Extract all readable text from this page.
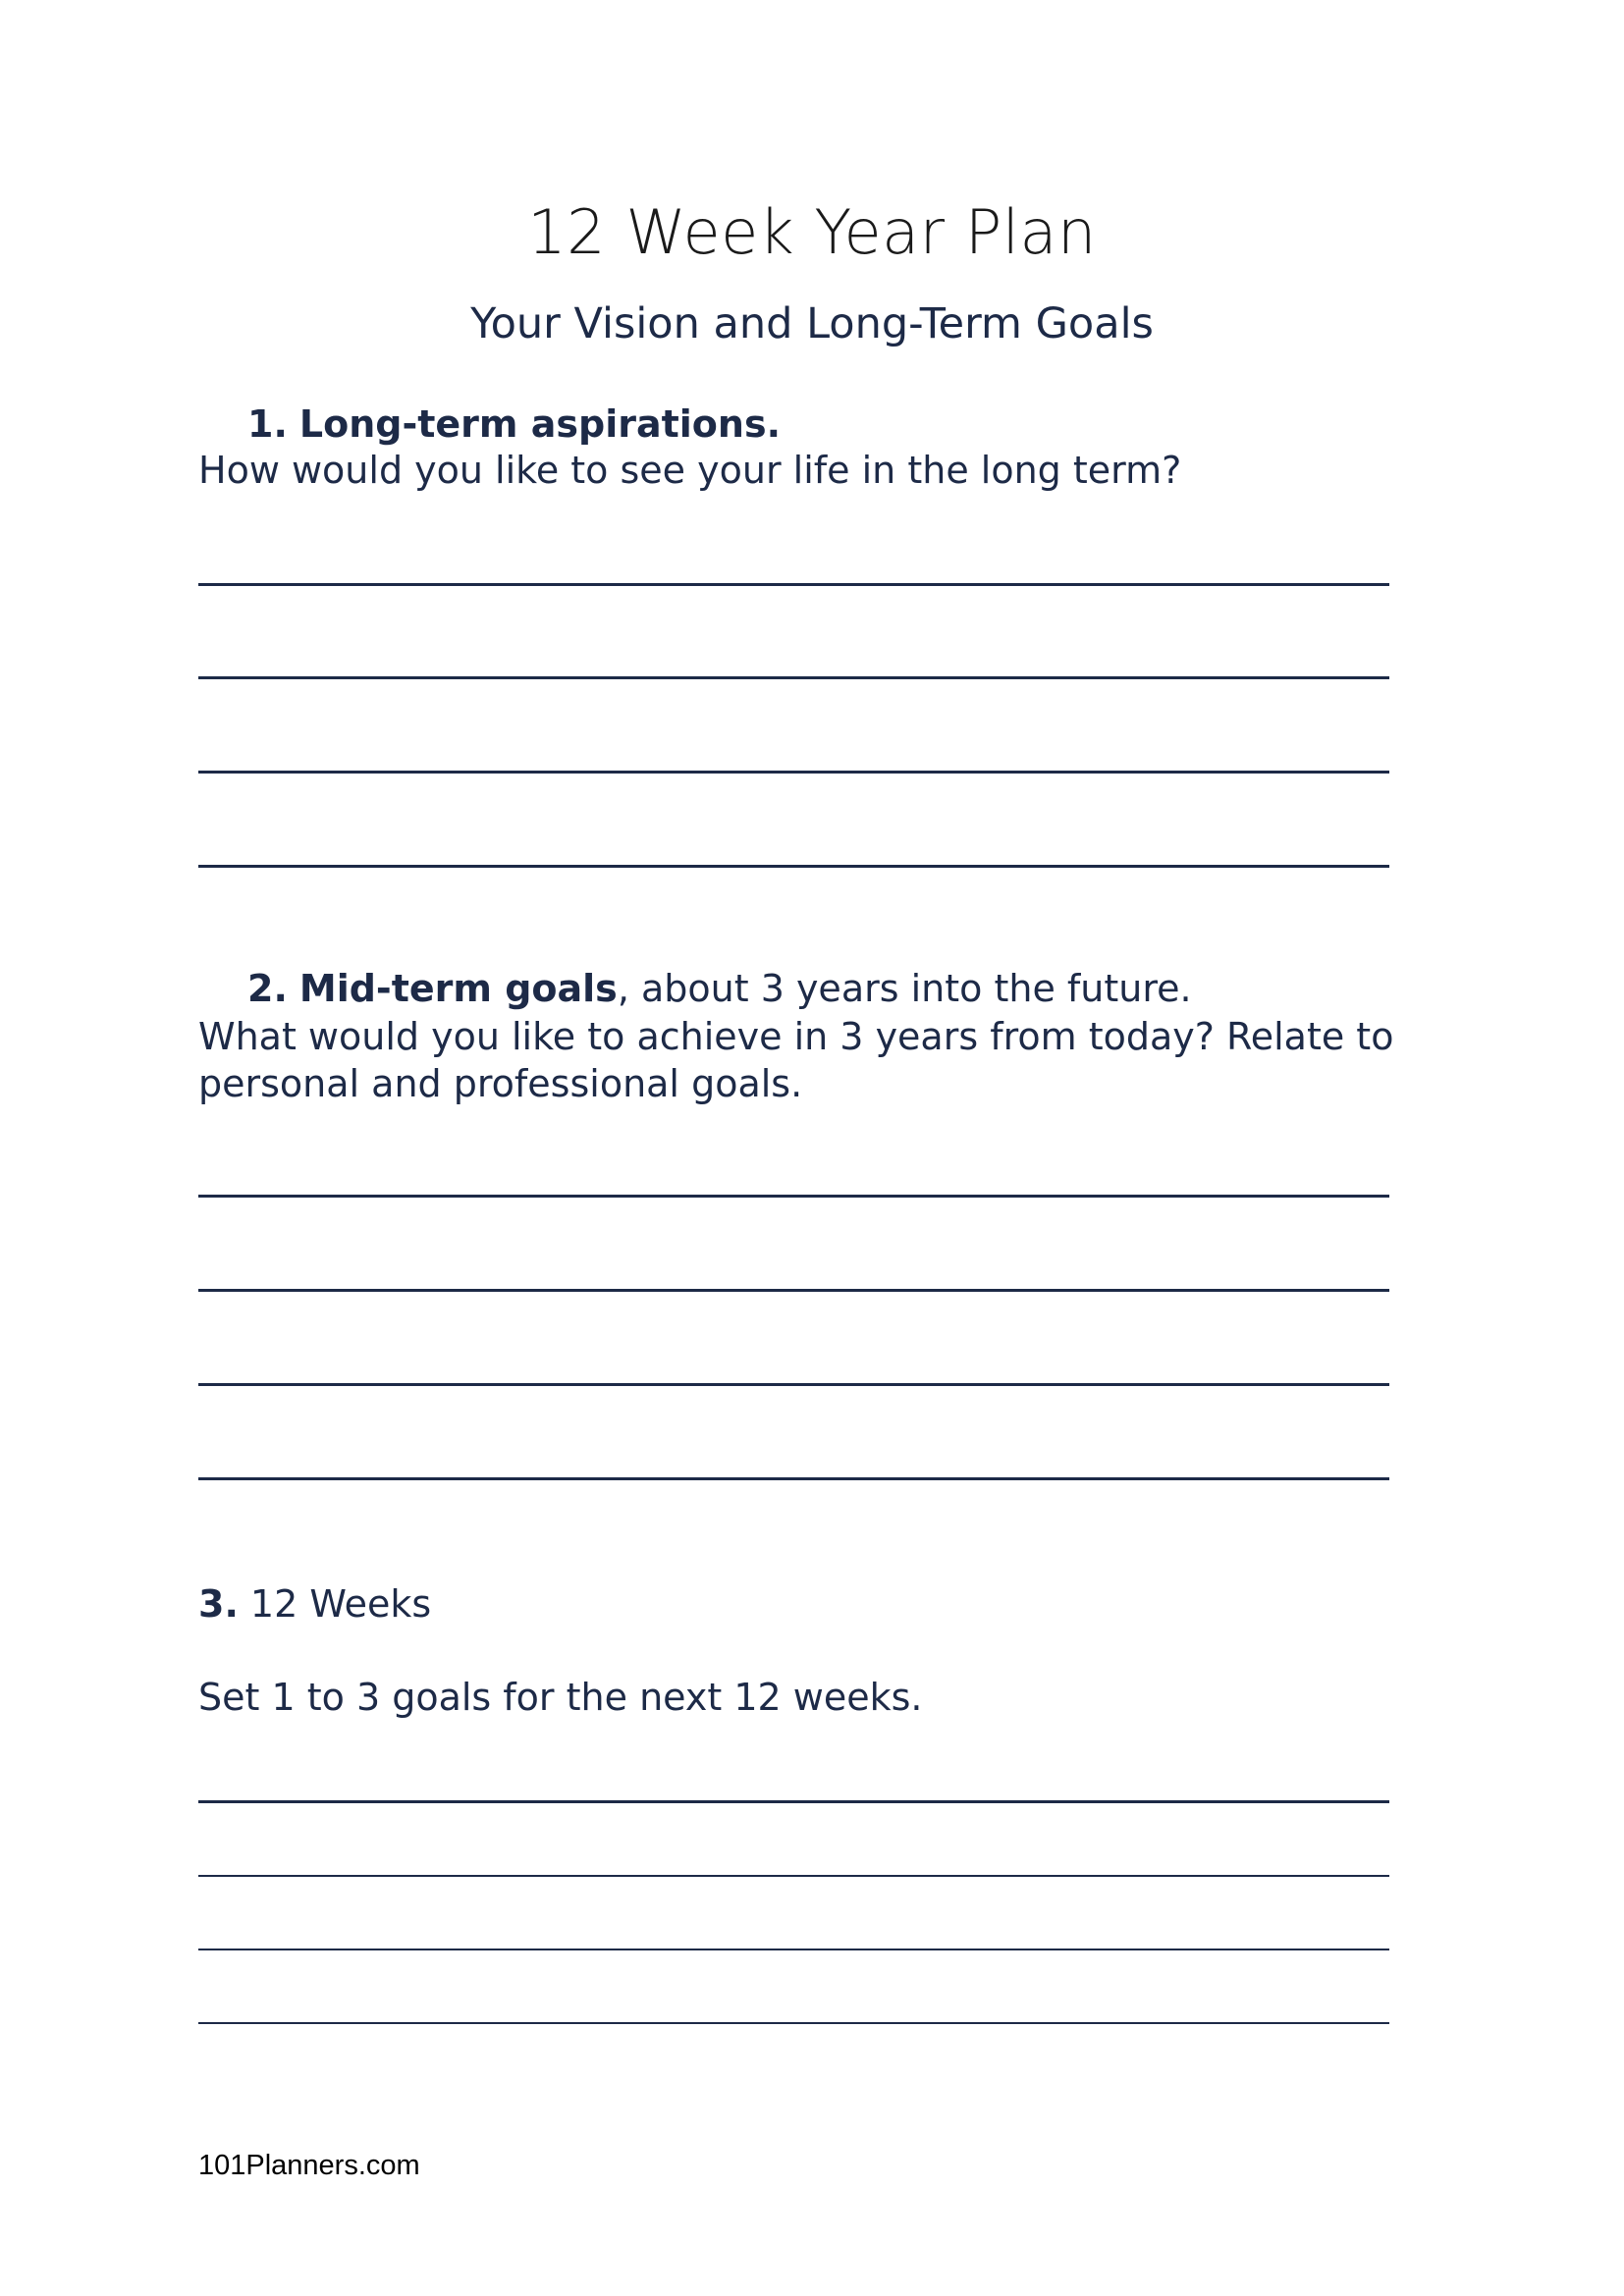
12 Week Year Plan
Your Vision and Long-Term Goals
1. Long-term aspirations.
How would you like to see your life in the long term?
2. Mid-term goals, about 3 years into the future.
What would you like to achieve in 3 years from today? Relate to
personal and professional goals.
3. 12 Weeks
Set 1 to 3 goals for the next 12 weeks.
101Planners.com
